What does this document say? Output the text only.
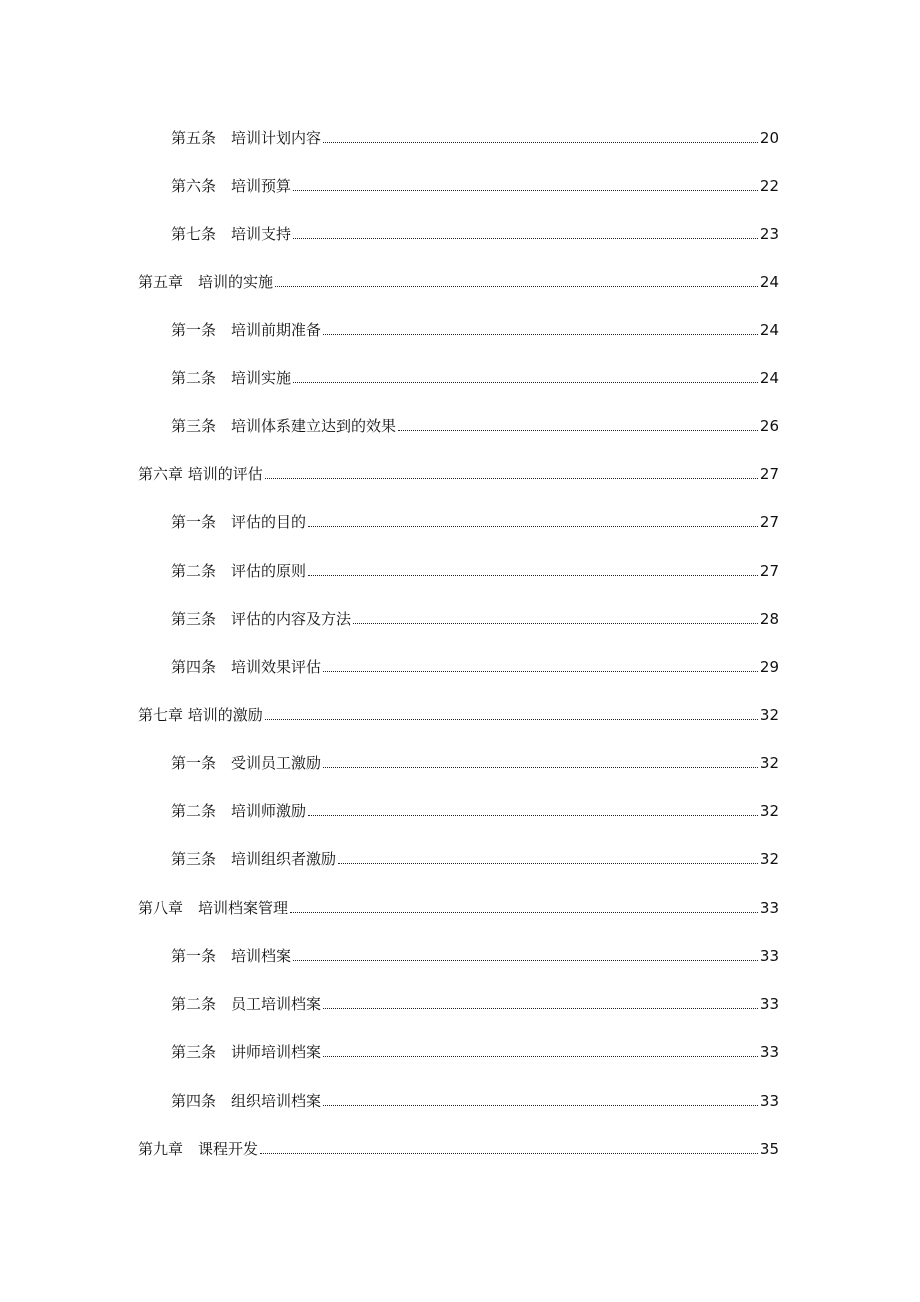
第五条　培训计划内容	20
第六条　培训预算	22
第七条　培训支持	23
第五章　培训的实施	24
第一条　培训前期准备	24
第二条　培训实施	24
第三条　培训体系建立达到的效果	26
第六章 培训的评估	27
第一条　评估的目的	27
第二条　评估的原则	27
第三条　评估的内容及方法	28
第四条　培训效果评估	29
第七章 培训的激励	32
第一条　受训员工激励	32
第二条　培训师激励	32
第三条　培训组织者激励	32
第八章　培训档案管理	33
第一条　培训档案	33
第二条　员工培训档案	33
第三条　讲师培训档案	33
第四条　组织培训档案	33
第九章　课程开发	35
